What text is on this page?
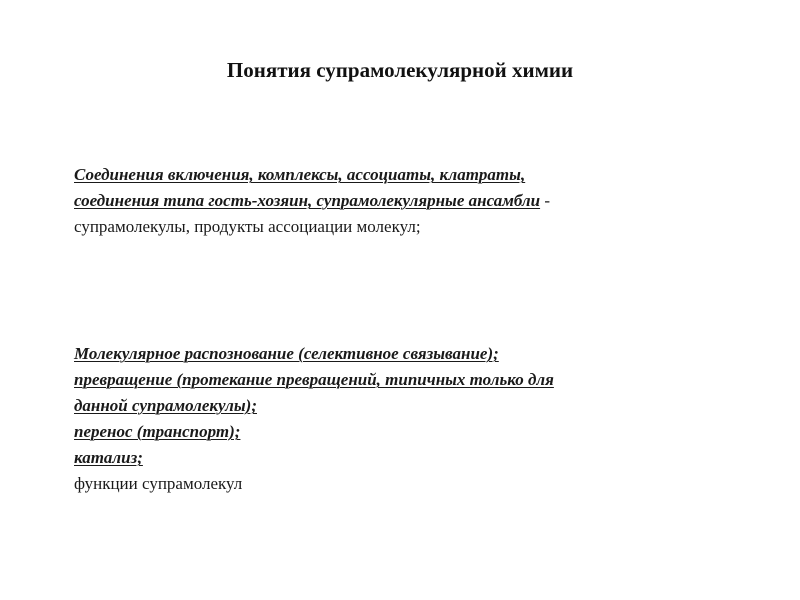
Понятия супрамолекулярной химии
Соединения включения, комплексы, ассоциаты, клатраты,
соединения типа гость-хозяин, супрамолекулярные ансамбли -
супрамолекулы, продукты ассоциации молекул;
Молекулярное распознование (селективное связывание);
превращение (протекание превращений, типичных только для
данной супрамолекулы);
перенос (транспорт);
катализ;
функции супрамолекул
